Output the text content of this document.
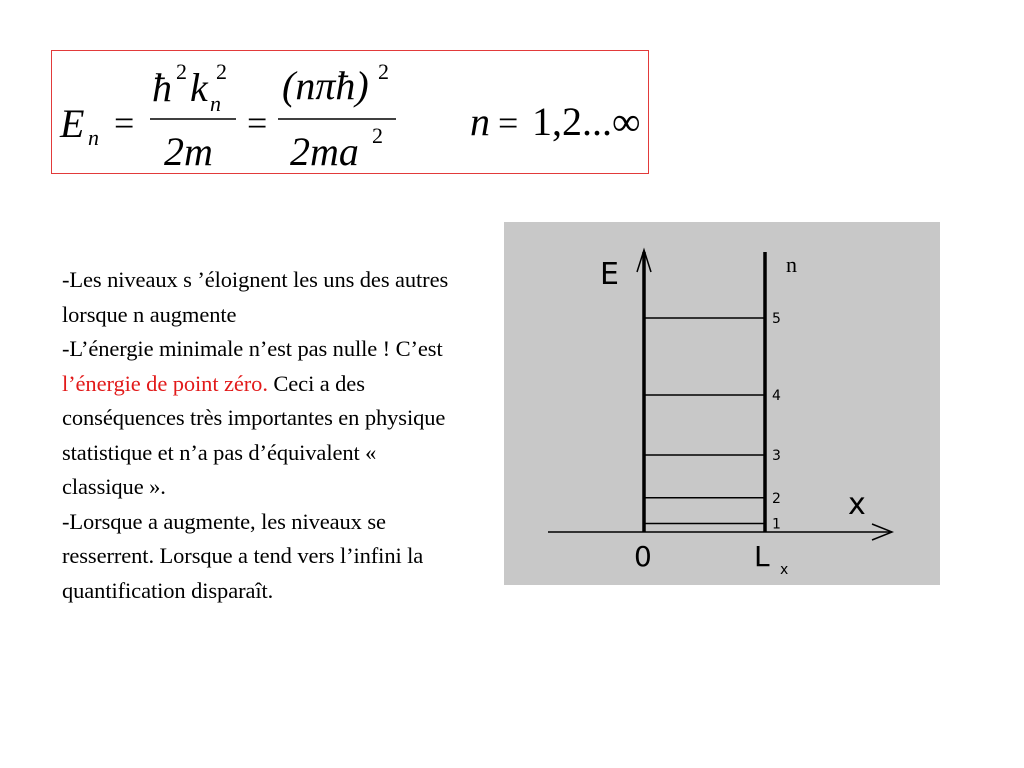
E n =
ħ 2 k n
2
2m
=
(nπħ) 2
2ma 2 n = 1,2...∞

-Les niveaux s ’éloignent les uns des autres lorsque n augmente

-L’énergie minimale n’est pas nulle ! C’est l’énergie de point zéro. Ceci a des conséquences très importantes en physique statistique et n’a pas d’équivalent « classique ».

-Lorsque a augmente, les niveaux se resserrent. Lorsque a tend vers l’infini la quantification disparaît.

x
E	n
0	L x
1
2
3
4
5
